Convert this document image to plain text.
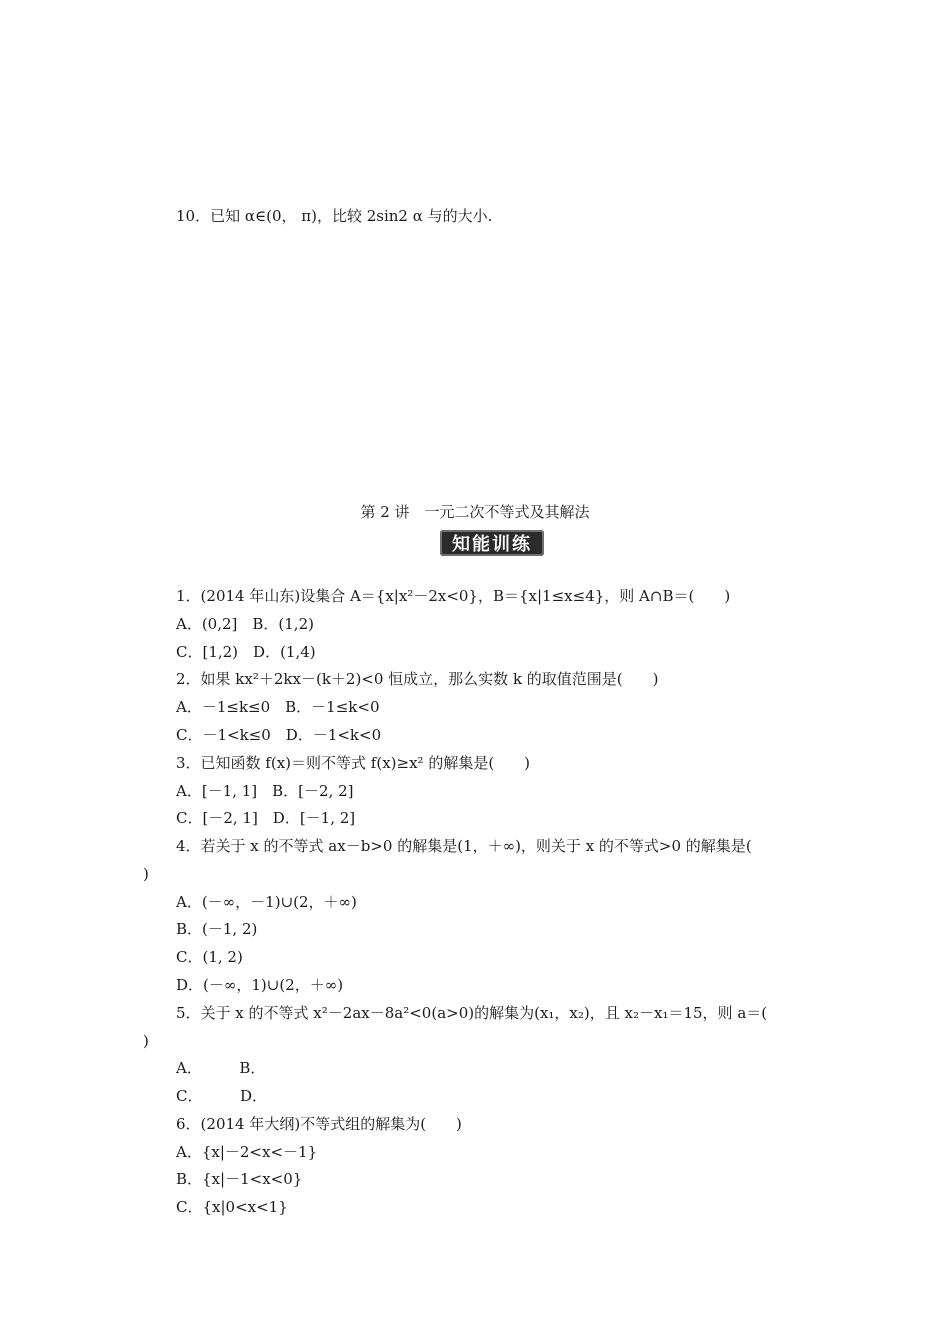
10．已知 α∈(0， π)，比较 2sin2 α 与的大小.
第 2 讲　一元二次不等式及其解法
知能训练
1．(2014 年山东)设集合 A＝{x|x²－2x<0}，B＝{x|1≤x≤4}，则 A∩B＝(　　)
A．(0,2]　B．(1,2)
C．[1,2)　D．(1,4)
2．如果 kx²＋2kx－(k＋2)<0 恒成立，那么实数 k 的取值范围是(　　)
A．－1≤k≤0　B．－1≤k<0
C．－1<k≤0　D．－1<k<0
3．已知函数 f(x)＝则不等式 f(x)≥x² 的解集是(　　)
A．[－1, 1]　B．[－2, 2]
C．[－2, 1]　D．[－1, 2]
4．若关于 x 的不等式 ax－b>0 的解集是(1，＋∞)，则关于 x 的不等式>0 的解集是(
)
A．(－∞，－1)∪(2，＋∞)
B．(－1, 2)
C．(1, 2)
D．(－∞，1)∪(2，＋∞)
5．关于 x 的不等式 x²－2ax－8a²<0(a>0)的解集为(x₁，x₂)，且 x₂－x₁＝15，则 a＝(
)
A．　　　B．
C．　　　D．
6．(2014 年大纲)不等式组的解集为(　　)
A．{x|－2<x<－1}
B．{x|－1<x<0}
C．{x|0<x<1}
